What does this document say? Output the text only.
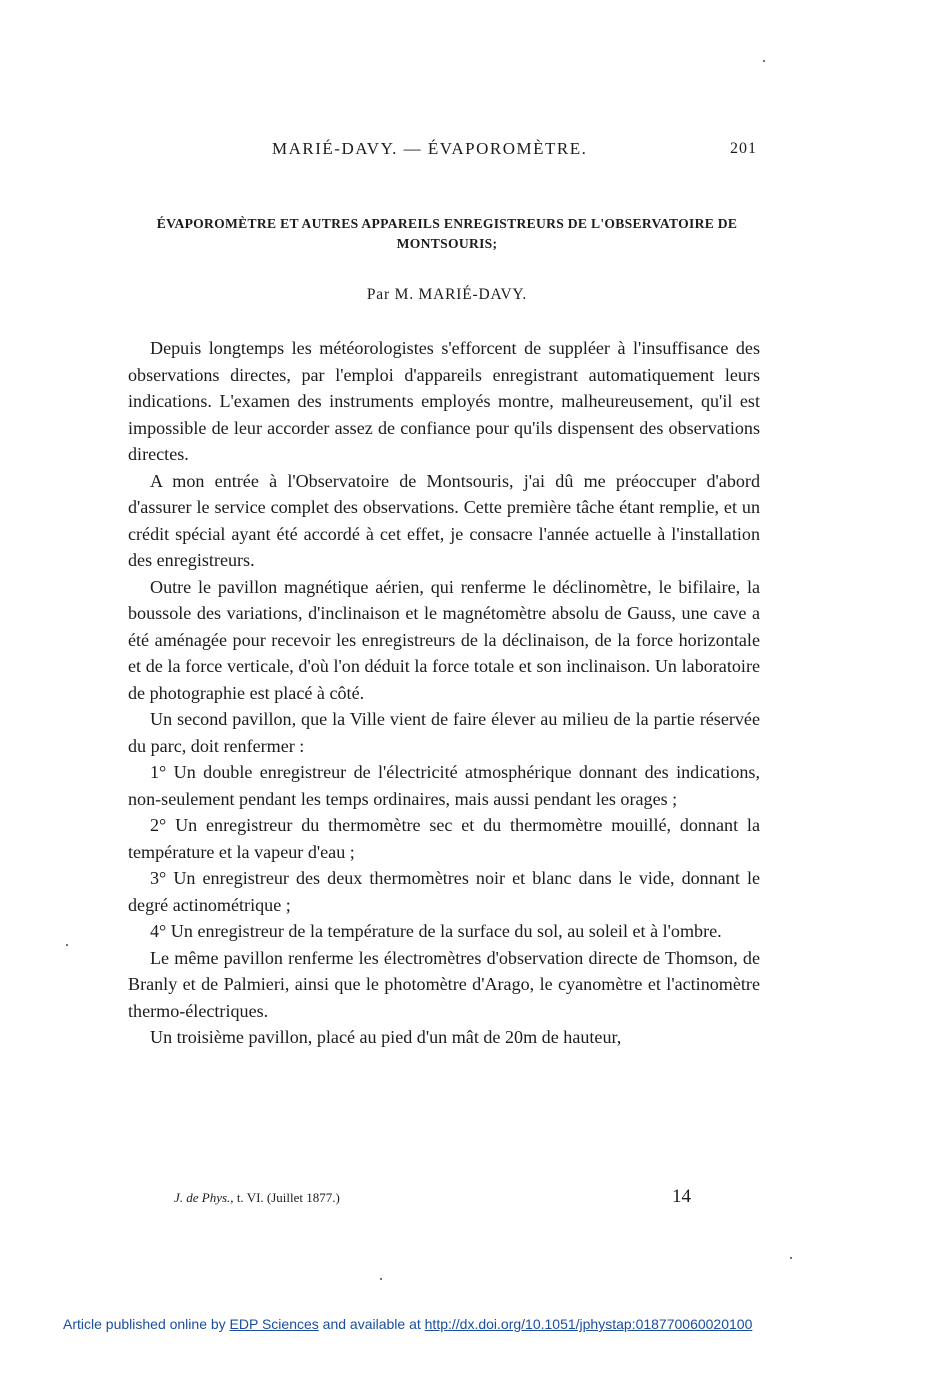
MARIÉ-DAVY. — ÉVAPOROMÈTRE.	201
ÉVAPOROMÈTRE ET AUTRES APPAREILS ENREGISTREURS DE L'OBSERVATOIRE DE MONTSOURIS;
Par M. MARIÉ-DAVY.

Depuis longtemps les météorologistes s'efforcent de suppléer à l'insuffisance des observations directes, par l'emploi d'appareils enregistrant automatiquement leurs indications. L'examen des instruments employés montre, malheureusement, qu'il est impossible de leur accorder assez de confiance pour qu'ils dispensent des observations directes.

A mon entrée à l'Observatoire de Montsouris, j'ai dû me préoccuper d'abord d'assurer le service complet des observations. Cette première tâche étant remplie, et un crédit spécial ayant été accordé à cet effet, je consacre l'année actuelle à l'installation des enregistreurs.

Outre le pavillon magnétique aérien, qui renferme le déclinomètre, le bifilaire, la boussole des variations, d'inclinaison et le magnétomètre absolu de Gauss, une cave a été aménagée pour recevoir les enregistreurs de la déclinaison, de la force horizontale et de la force verticale, d'où l'on déduit la force totale et son inclinaison. Un laboratoire de photographie est placé à côté.

Un second pavillon, que la Ville vient de faire élever au milieu de la partie réservée du parc, doit renfermer :

1° Un double enregistreur de l'électricité atmosphérique donnant des indications, non-seulement pendant les temps ordinaires, mais aussi pendant les orages ;

2° Un enregistreur du thermomètre sec et du thermomètre mouillé, donnant la température et la vapeur d'eau ;

3° Un enregistreur des deux thermomètres noir et blanc dans le vide, donnant le degré actinométrique ;

4° Un enregistreur de la température de la surface du sol, au soleil et à l'ombre.

Le même pavillon renferme les électromètres d'observation directe de Thomson, de Branly et de Palmieri, ainsi que le photomètre d'Arago, le cyanomètre et l'actinomètre thermo-électriques.

Un troisième pavillon, placé au pied d'un mât de 20m de hauteur,

J. de Phys., t. VI. (Juillet 1877.)	14
Article published online by EDP Sciences and available at http://dx.doi.org/10.1051/jphystap:018770060020100
